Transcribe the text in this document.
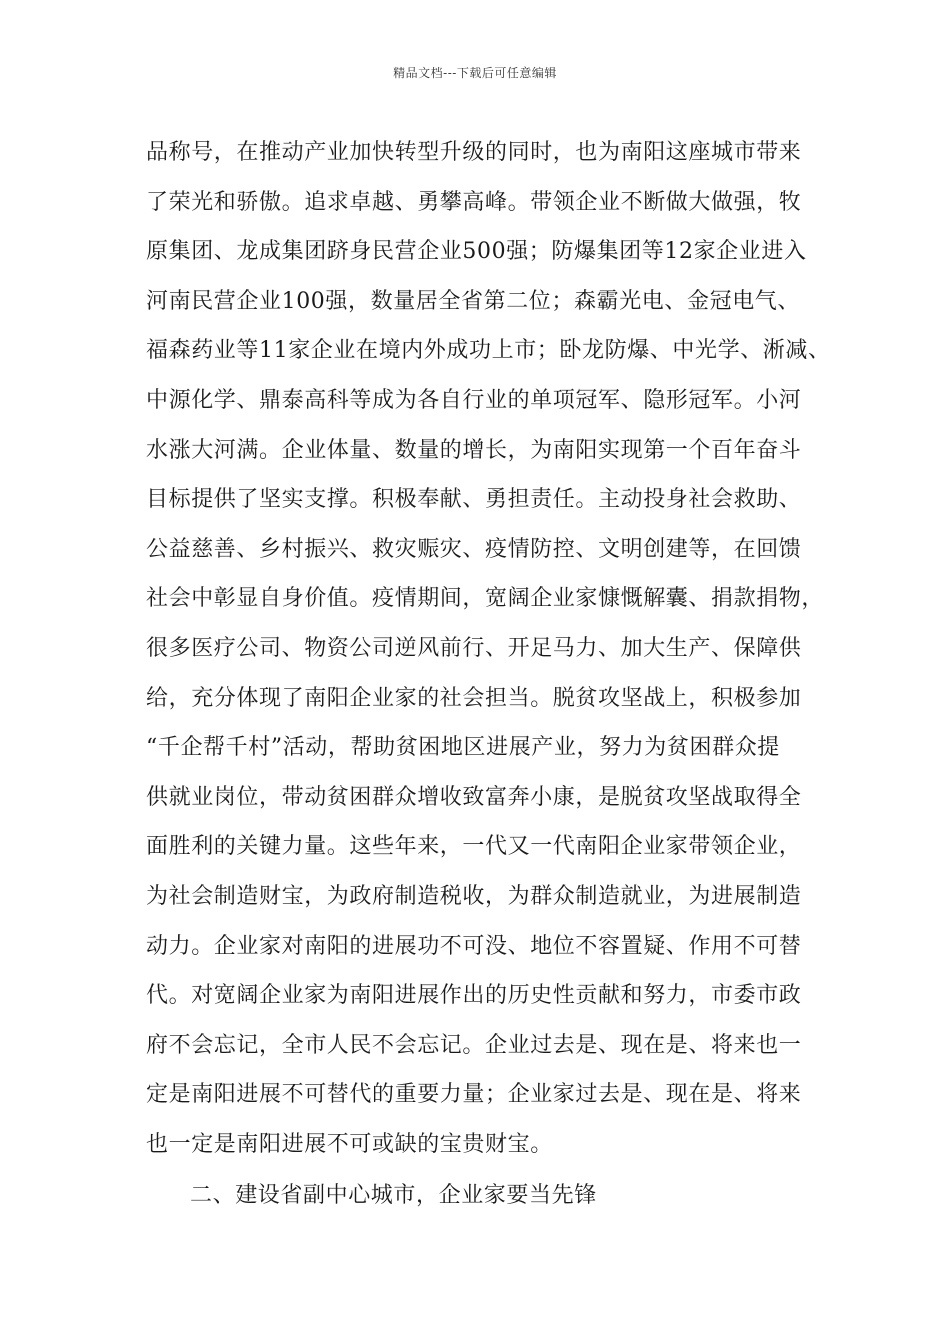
精品文档---下载后可任意编辑
品称号，在推动产业加快转型升级的同时，也为南阳这座城市带来
了荣光和骄傲。追求卓越、勇攀高峰。带领企业不断做大做强，牧
原集团、龙成集团跻身民营企业500强；防爆集团等12家企业进入
河南民营企业100强，数量居全省第二位；森霸光电、金冠电气、
福森药业等11家企业在境内外成功上市；卧龙防爆、中光学、淅减、
中源化学、鼎泰高科等成为各自行业的单项冠军、隐形冠军。小河
水涨大河满。企业体量、数量的增长，为南阳实现第一个百年奋斗
目标提供了坚实支撑。积极奉献、勇担责任。主动投身社会救助、
公益慈善、乡村振兴、救灾赈灾、疫情防控、文明创建等，在回馈
社会中彰显自身价值。疫情期间，宽阔企业家慷慨解囊、捐款捐物，
很多医疗公司、物资公司逆风前行、开足马力、加大生产、保障供
给，充分体现了南阳企业家的社会担当。脱贫攻坚战上，积极参加
“千企帮千村”活动，帮助贫困地区进展产业，努力为贫困群众提
供就业岗位，带动贫困群众增收致富奔小康，是脱贫攻坚战取得全
面胜利的关键力量。这些年来，一代又一代南阳企业家带领企业，
为社会制造财宝，为政府制造税收，为群众制造就业，为进展制造
动力。企业家对南阳的进展功不可没、地位不容置疑、作用不可替
代。对宽阔企业家为南阳进展作出的历史性贡献和努力，市委市政
府不会忘记，全市人民不会忘记。企业过去是、现在是、将来也一
定是南阳进展不可替代的重要力量；企业家过去是、现在是、将来
也一定是南阳进展不可或缺的宝贵财宝。
二、建设省副中心城市，企业家要当先锋
